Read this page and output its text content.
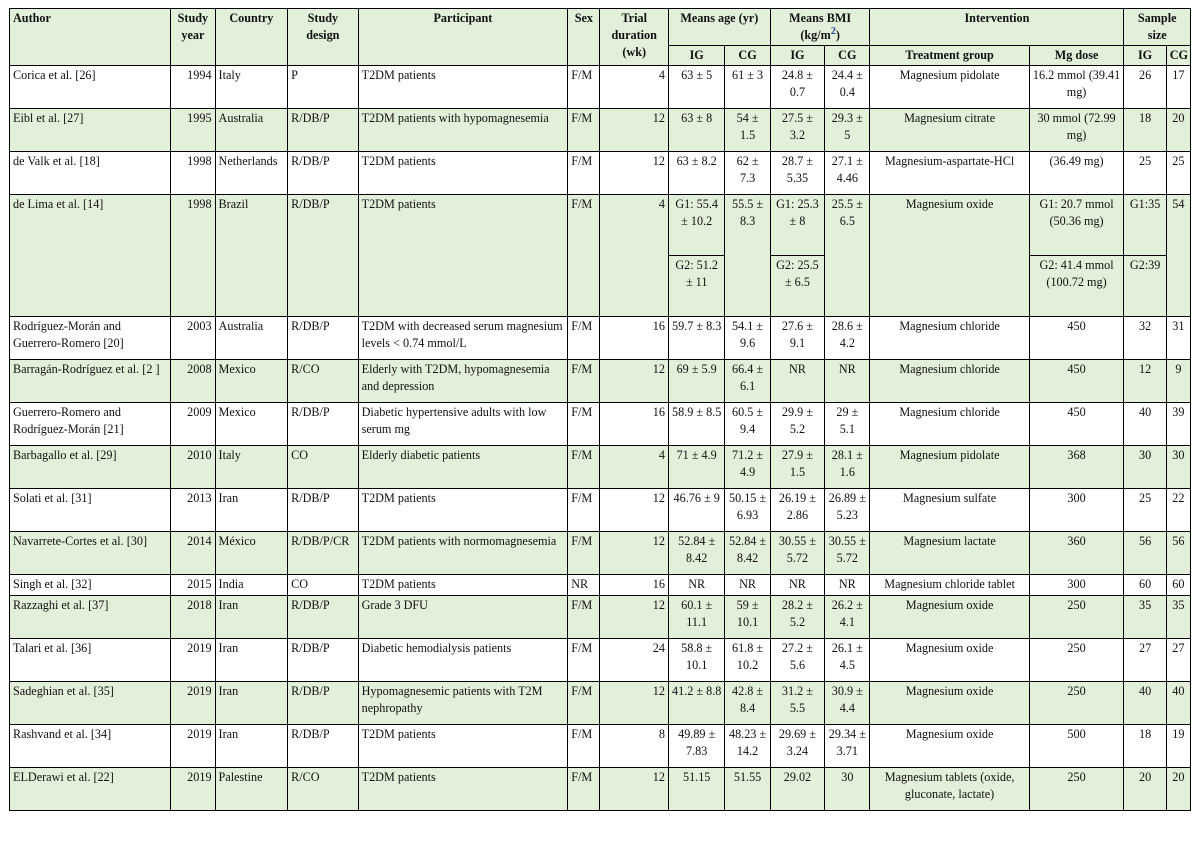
Author	Study year	Country	Study design	Participant	Sex	Trial duration (wk)	Means age (yr)		Means BMI $(kg/m^2)$		Intervention		Sample size	
							IG	CG	IG	CG	Treatment group	Mg dose	IG	CG
Corica et al. [26]	1994	Italy	P	T2DM patients	F/M	4	63 ± 5	61 ± 3	24.8 ± 0.7	24.4 ± 0.4	Magnesium pidolate	16.2 mmol (39.41 mg)	26	17
Eibl et al. [27]	1995	Australia	R/DB/P	T2DM patients with hypomagnesemia	F/M	12	63 ± 8	54 ± 1.5	27.5 ± 3.2	29.3 ± 5	Magnesium citrate	30 mmol (72.99 mg)	18	20
de Valk et al. [18]	1998	Netherlands	R/DB/P	T2DM patients	F/M	12	63 ± 8.2	62 ± 7.3	28.7 ± 5.35	27.1 ± 4.46	Magnesium-aspartate-HCl	(36.49 mg)	25	25
de Lima et al. [14]	1998	Brazil	R/DB/P	T2DM patients	F/M	4	G1: 55.4 ± 10.2	55.5 ± 8.3	G1: 25.3 ± 8	25.5 ± 6.5	Magnesium oxide	G1: 20.7 mmol (50.36 mg)	G1:35	54
							G2: 51.2 ± 11		G2: 25.5 ± 6.5			G2: 41.4 mmol (100.72 mg)	G2:39	
Rodríguez-Morán and Guerrero-Romero [20]	2003	Australia	R/DB/P	T2DM with decreased serum magnesium levels < 0.74 mmol/L	F/M	16	59.7 ± 8.3	54.1 ± 9.6	27.6 ± 9.1	28.6 ± 4.2	Magnesium chloride	450	32	31
Barragán-Rodríguez et al. [2 ]	2008	Mexico	R/CO	Elderly with T2DM, hypomagnesemia and depression	F/M	12	69 ± 5.9	66.4 ± 6.1	NR	NR	Magnesium chloride	450	12	9
Guerrero-Romero and Rodríguez-Morán [21]	2009	Mexico	R/DB/P	Diabetic hypertensive adults with low serum mg	F/M	16	58.9 ± 8.5	60.5 ± 9.4	29.9 ± 5.2	29 ± 5.1	Magnesium chloride	450	40	39
Barbagallo et al. [29]	2010	Italy	CO	Elderly diabetic patients	F/M	4	71 ± 4.9	71.2 ± 4.9	27.9 ± 1.5	28.1 ± 1.6	Magnesium pidolate	368	30	30
Solati et al. [31]	2013	Iran	R/DB/P	T2DM patients	F/M	12	46.76 ± 9	50.15 ± 6.93	26.19 ± 2.86	26.89 ± 5.23	Magnesium sulfate	300	25	22
Navarrete-Cortes et al. [30]	2014	México	R/DB/P/CR	T2DM patients with normomagnesemia	F/M	12	52.84 ± 8.42	52.84 ± 8.42	30.55 ± 5.72	30.55 ± 5.72	Magnesium lactate	360	56	56
Singh et al. [32]	2015	India	CO	T2DM patients	NR	16	NR	NR	NR	NR	Magnesium chloride tablet	300	60	60
Razzaghi et al. [37]	2018	Iran	R/DB/P	Grade 3 DFU	F/M	12	60.1 ± 11.1	59 ± 10.1	28.2 ± 5.2	26.2 ± 4.1	Magnesium oxide	250	35	35
Talari et al. [36]	2019	Iran	R/DB/P	Diabetic hemodialysis patients	F/M	24	58.8 ± 10.1	61.8 ± 10.2	27.2 ± 5.6	26.1 ± 4.5	Magnesium oxide	250	27	27
Sadeghian et al. [35]	2019	Iran	R/DB/P	Hypomagnesemic patients with T2M nephropathy	F/M	12	41.2 ± 8.8	42.8 ± 8.4	31.2 ± 5.5	30.9 ± 4.4	Magnesium oxide	250	40	40
Rashvand et al. [34]	2019	Iran	R/DB/P	T2DM patients	F/M	8	49.89 ± 7.83	48.23 ± 14.2	29.69 ± 3.24	29.34 ± 3.71	Magnesium oxide	500	18	19
ELDerawi et al. [22]	2019	Palestine	R/CO	T2DM patients	F/M	12	51.15	51.55	29.02	30	Magnesium tablets (oxide, gluconate, lactate)	250	20	20
